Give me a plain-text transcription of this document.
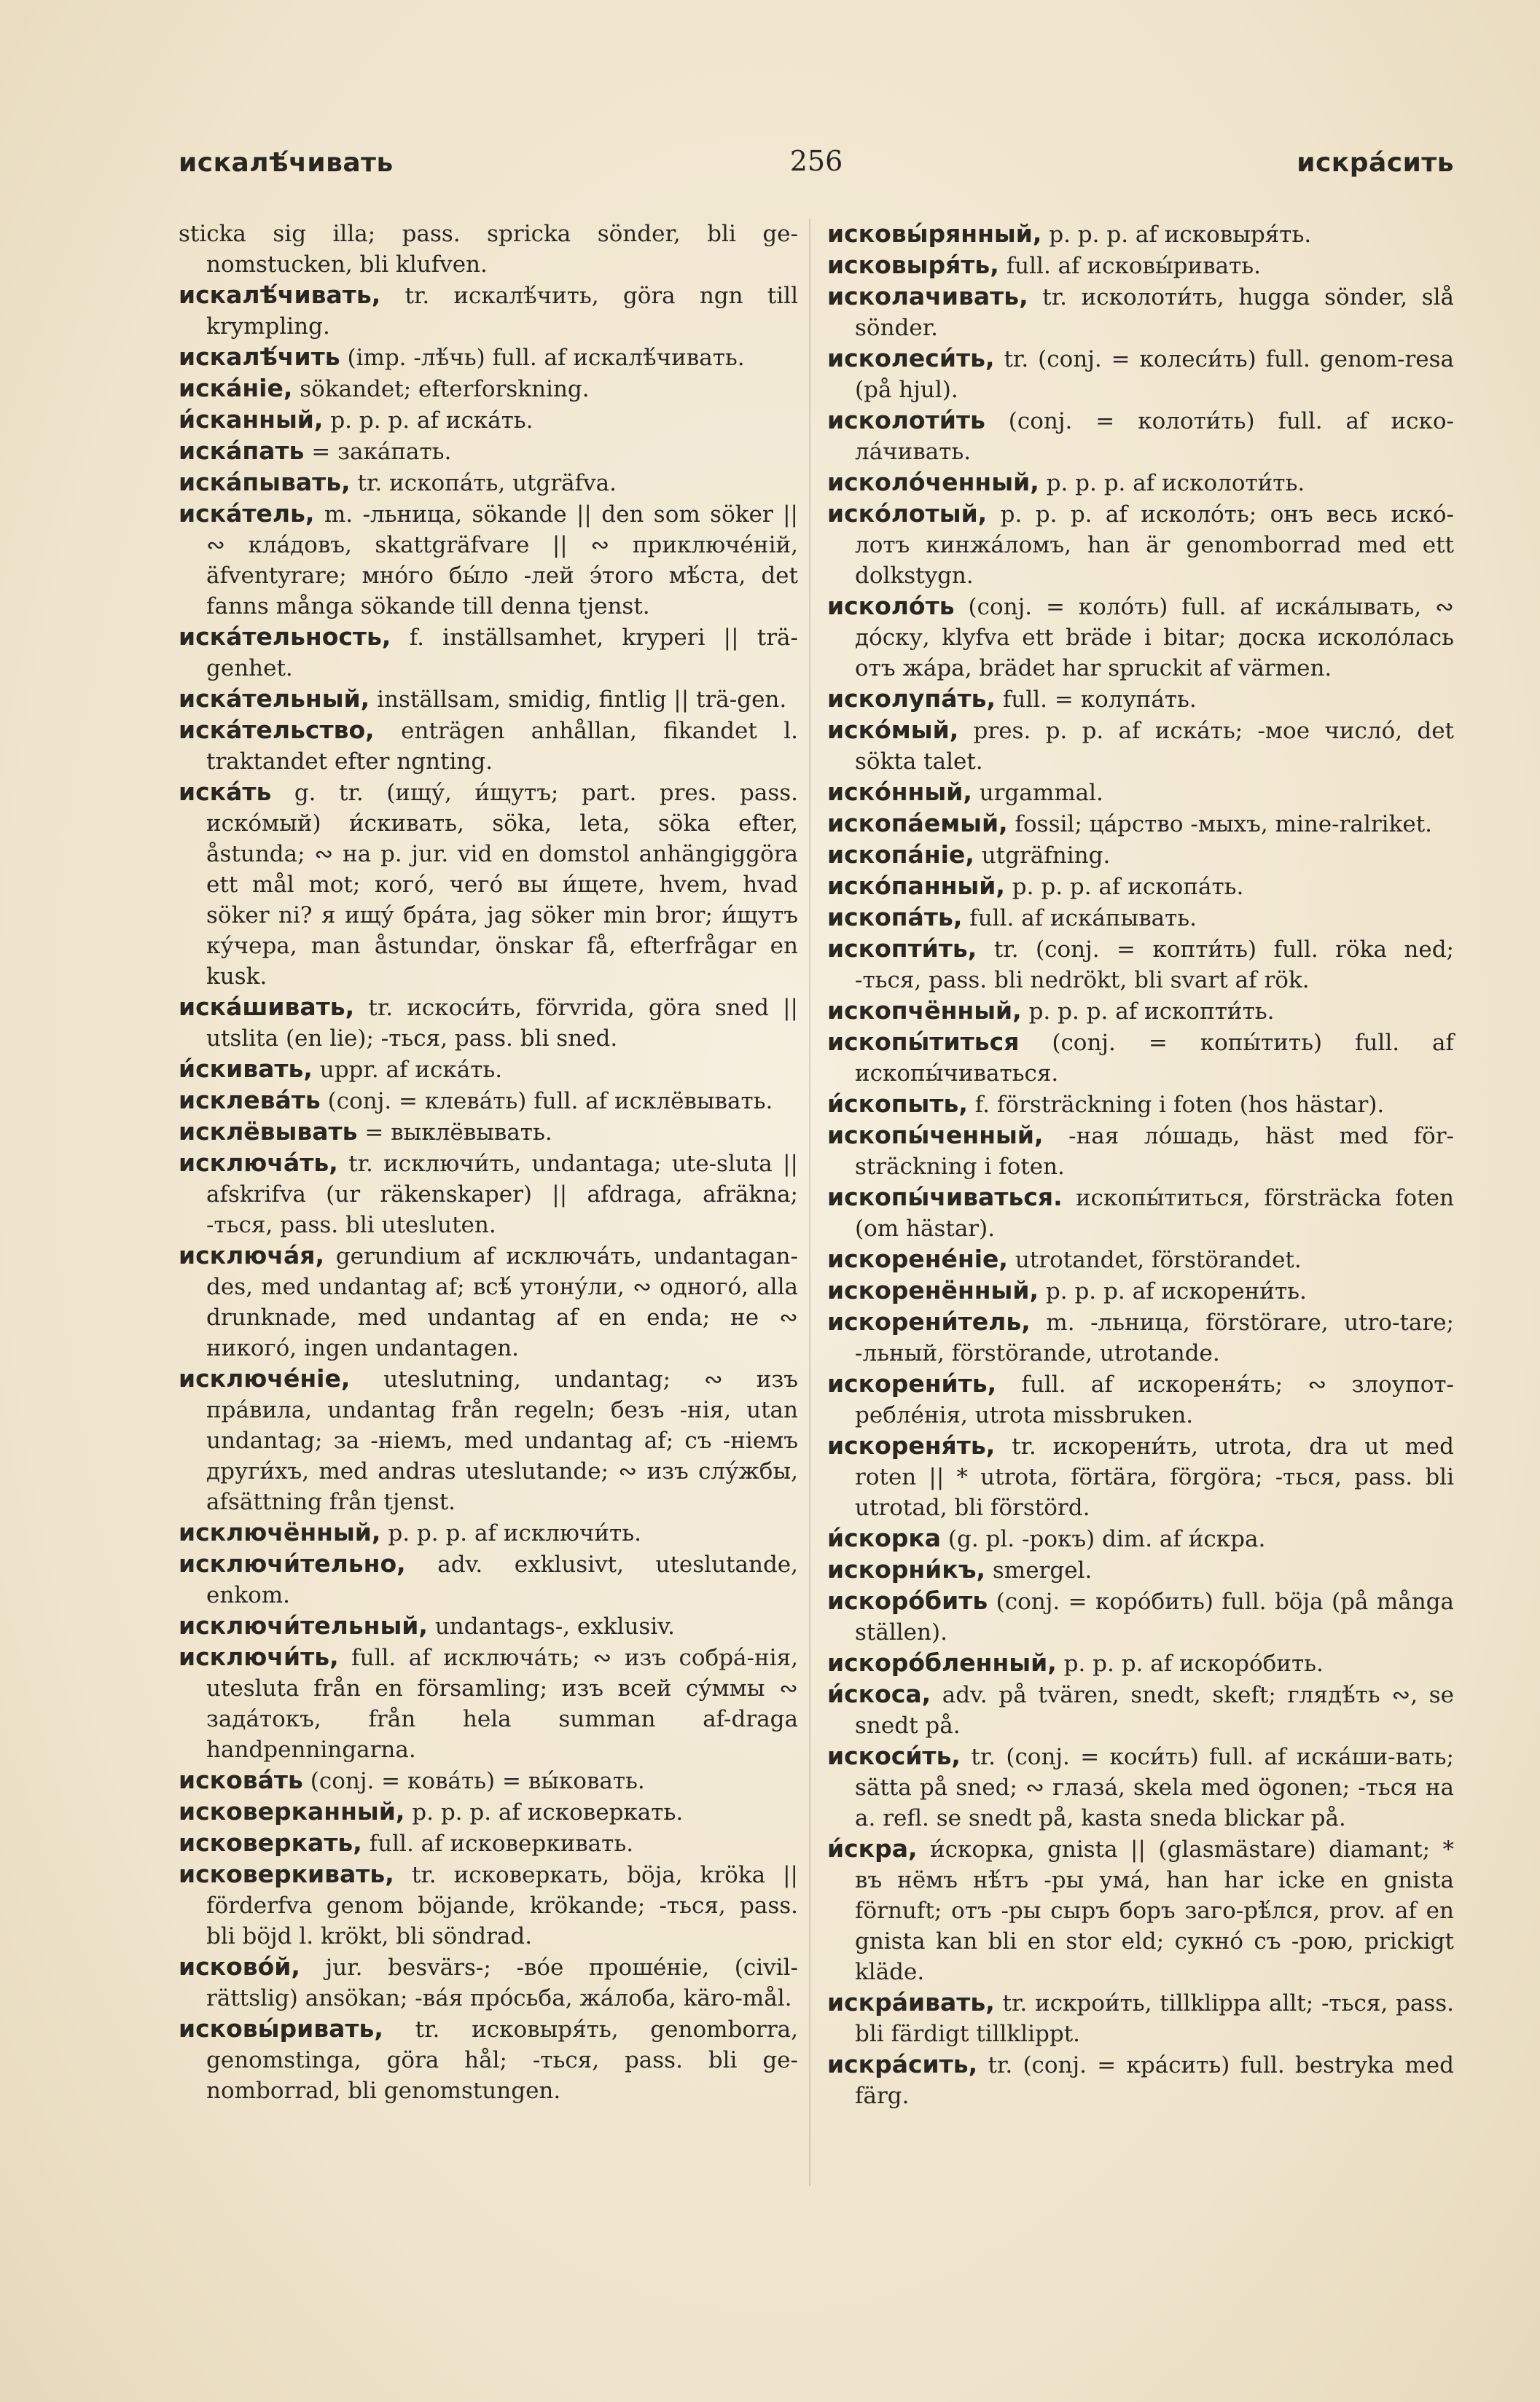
искалѣ́чивать	256	искра́сить

sticka sig illa; pass. spricka sönder, bli ge-nomstucken, bli klufven.

искалѣ́чивать, tr. искалѣ́чить, göra ngn till krympling.

искалѣ́чить (imp. -лѣ́чь) full. af искалѣ́чивать.

иска́ніе, sökandet; efterforskning.

и́сканный, p. p. p. af иска́ть.

иска́пать = зака́пать.

иска́пывать, tr. ископа́ть, utgräfva.

иска́тель, m. -льница, sökande || den som söker || ∾ кла́довъ, skattgräfvare || ∾ приключе́ній, äfventyrare; мно́го бы́ло -лей э́того мѣ́ста, det fanns många sökande till denna tjenst.

иска́тельность, f. inställsamhet, kryperi || trä-genhet.

иска́тельный, inställsam, smidig, fintlig || trä-gen.

иска́тельство, enträgen anhållan, fikandet l. traktandet efter ngnting.

иска́ть g. tr. (ищу́, и́щутъ; part. pres. pass. иско́мый) и́скивать, söka, leta, söka efter, åstunda; ∾ на p. jur. vid en domstol anhängiggöra ett mål mot; кого́, чего́ вы и́щете, hvem, hvad söker ni? я ищу́ бра́та, jag söker min bror; и́щутъ ку́чера, man åstundar, önskar få, efterfrågar en kusk.

иска́шивать, tr. искоси́ть, förvrida, göra sned || utslita (en lie); -ться, pass. bli sned.

и́скивать, uppr. af иска́ть.

исклева́ть (conj. = клева́ть) full. af исклёвывать.

исклёвывать = выклёвывать.

исключа́ть, tr. исключи́ть, undantaga; ute-sluta || afskrifva (ur räkenskaper) || afdraga, afräkna; -ться, pass. bli utesluten.

исключа́я, gerundium af исключа́ть, undantagan-des, med undantag af; всѣ́ утону́ли, ∾ одного́, alla drunknade, med undantag af en enda; не ∾ никого́, ingen undantagen.

исключе́ніе, uteslutning, undantag; ∾ изъ пра́вила, undantag från regeln; безъ -нія, utan undantag; за -ніемъ, med undantag af; съ -ніемъ други́хъ, med andras uteslutande; ∾ изъ слу́жбы, afsättning från tjenst.

исключённый, p. p. p. af исключи́ть.

исключи́тельно, adv. exklusivt, uteslutande, enkom.

исключи́тельный, undantags-, exklusiv.

исключи́ть, full. af исключа́ть; ∾ изъ собра́-нія, utesluta från en församling; изъ всей су́ммы ∾ зада́токъ, från hela summan af-draga handpenningarna.

искова́ть (conj. = кова́ть) = вы́ковать.

исковерканный, p. p. p. af исковеркать.

исковеркать, full. af исковеркивать.

исковеркивать, tr. исковеркать, böja, kröka || förderfva genom böjande, krökande; -ться, pass. bli böjd l. krökt, bli söndrad.

исково́й, jur. besvärs-; -во́е проше́ніе, (civil-rättslig) ansökan; -ва́я про́сьба, жа́лоба, käro-mål.

исковы́ривать, tr. исковыря́ть, genomborra, genomstinga, göra hål; -ться, pass. bli ge-nomborrad, bli genomstungen.

исковы́рянный, p. p. p. af исковыря́ть.

исковыря́ть, full. af исковы́ривать.

исколачивать, tr. исколоти́ть, hugga sönder, slå sönder.

исколеси́ть, tr. (conj. = колеси́ть) full. genom-resa (på hjul).

исколоти́ть (conj. = колоти́ть) full. af иско-ла́чивать.

исколо́ченный, p. p. p. af исколоти́ть.

иско́лотый, p. p. p. af исколо́ть; онъ весь иско́-лотъ кинжа́ломъ, han är genomborrad med ett dolkstygn.

исколо́ть (conj. = коло́ть) full. af иска́лывать, ∾ до́ску, klyfva ett bräde i bitar; доска исколо́лась отъ жа́ра, brädet har spruckit af värmen.

исколупа́ть, full. = колупа́ть.

иско́мый, pres. p. p. af иска́ть; -мое число́, det sökta talet.

иско́нный, urgammal.

ископа́емый, fossil; ца́рство -мыхъ, mine-ralriket.

ископа́ніе, utgräfning.

иско́панный, p. p. p. af ископа́ть.

ископа́ть, full. af иска́пывать.

ископти́ть, tr. (conj. = копти́ть) full. röka ned; -ться, pass. bli nedrökt, bli svart af rök.

ископчённый, p. p. p. af ископти́ть.

ископы́титься (conj. = копы́тить) full. af ископы́чиваться.

и́скопыть, f. försträckning i foten (hos hästar).

ископы́ченный, -ная ло́шадь, häst med för-sträckning i foten.

ископы́чиваться. ископы́титься, försträcka foten (om hästar).

искорене́ніе, utrotandet, förstörandet.

искоренённый, p. p. p. af искорени́ть.

искорени́тель, m. -льница, förstörare, utro-tare; -льный, förstörande, utrotande.

искорени́ть, full. af искореня́ть; ∾ злоупот-ребле́нія, utrota missbruken.

искореня́ть, tr. искорени́ть, utrota, dra ut med roten || * utrota, förtära, förgöra; -ться, pass. bli utrotad, bli förstörd.

и́скорка (g. pl. -рокъ) dim. af и́скра.

искорни́къ, smergel.

искоро́бить (conj. = коро́бить) full. böja (på många ställen).

искоро́бленный, p. p. p. af искоро́бить.

и́скоса, adv. på tvären, snedt, skeft; глядѣ́ть ∾, se snedt på.

искоси́ть, tr. (conj. = коси́ть) full. af иска́ши-вать; sätta på sned; ∾ глаза́, skela med ögonen; -ться на a. refl. se snedt på, kasta sneda blickar på.

и́скра, и́скорка, gnista || (glasmästare) diamant; * въ нёмъ нѣ́тъ -ры ума́, han har icke en gnista förnuft; отъ -ры сыръ боръ заго-рѣ́лся, prov. af en gnista kan bli en stor eld; сукно́ съ -рою, prickigt kläde.

искра́ивать, tr. искрои́ть, tillklippa allt; -ться, pass. bli färdigt tillklippt.

искра́сить, tr. (conj. = кра́сить) full. bestryka med färg.
